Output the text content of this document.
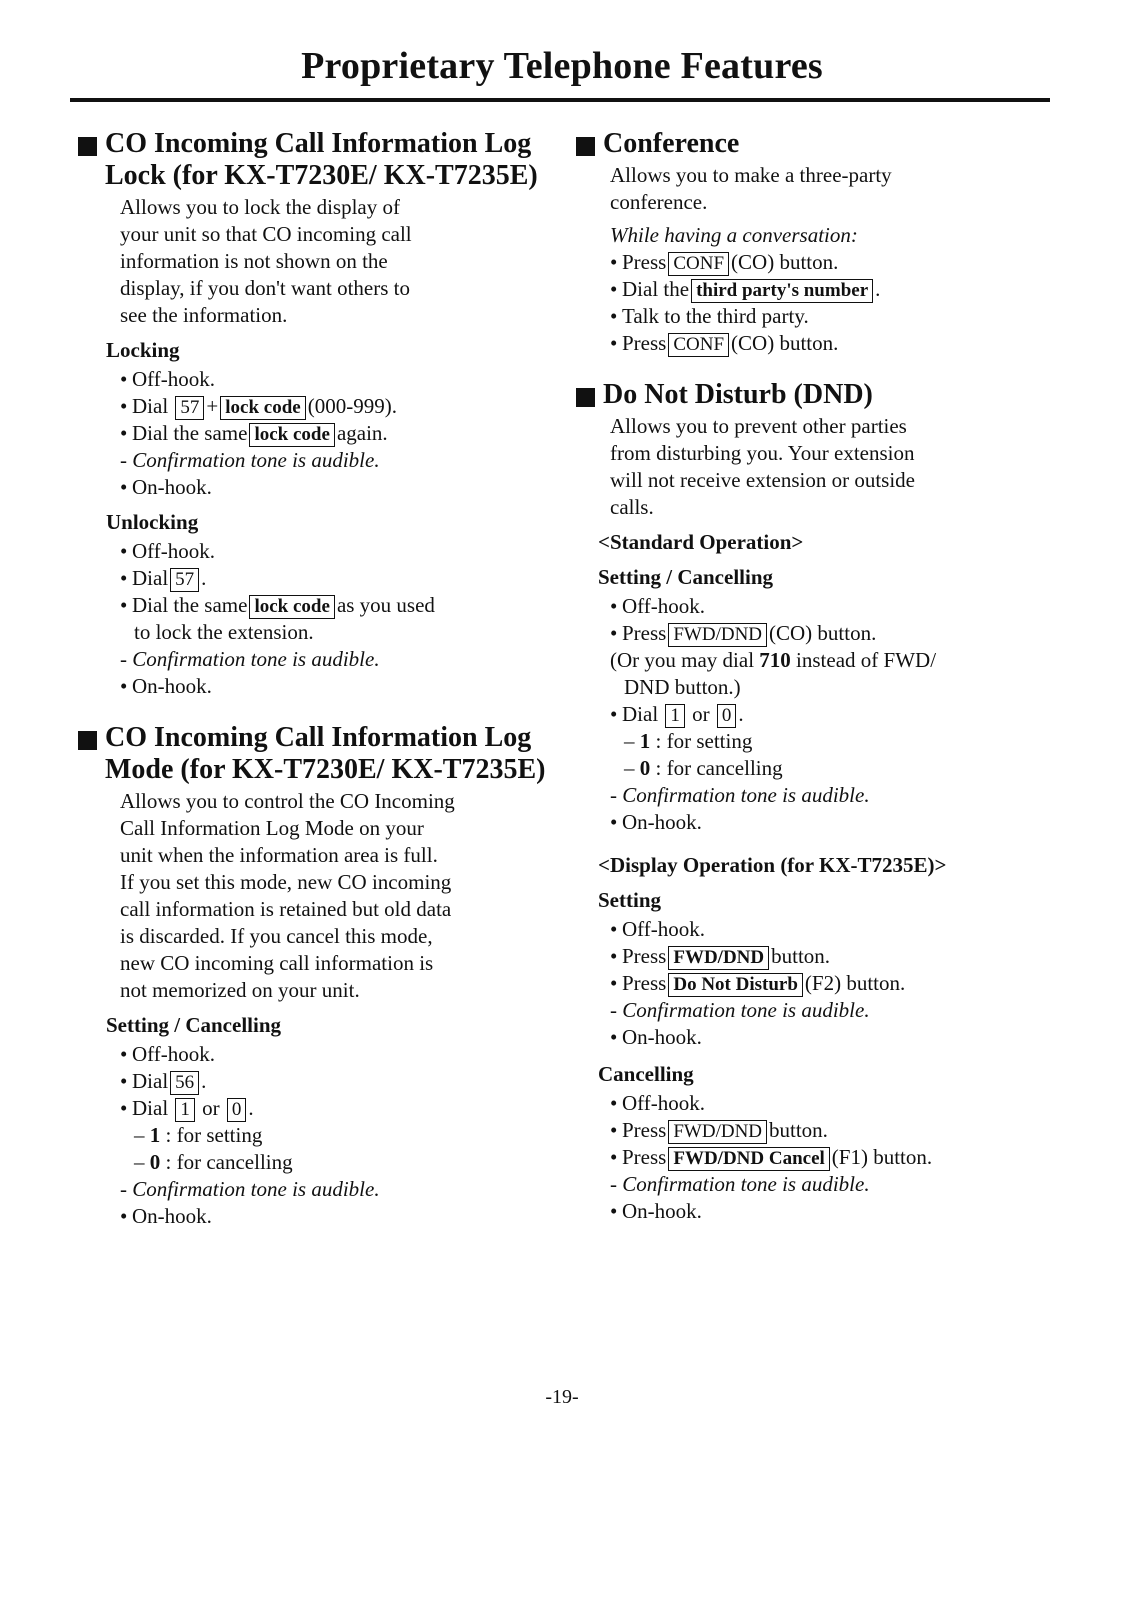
Proprietary Telephone Features
CO Incoming Call Information Log Lock (for KX-T7230E/ KX-T7235E)
Allows you to lock the display of
your unit so that CO incoming call
information is not shown on the
display, if you don't want others to
see the information.
Locking
• Off-hook.
• Dial 57 + lock code (000-999).
• Dial the same lock code again.
- Confirmation tone is audible.
• On-hook.
Unlocking
• Off-hook.
• Dial 57 .
• Dial the same lock code as you used
to lock the extension.
- Confirmation tone is audible.
• On-hook.
CO Incoming Call Information Log Mode (for KX-T7230E/ KX-T7235E)
Allows you to control the CO Incoming
Call Information Log Mode on your
unit when the information area is full.
If you set this mode, new CO incoming
call information is retained but old data
is discarded. If you cancel this mode,
new CO incoming call information is
not memorized on your unit.
Setting / Cancelling
• Off-hook.
• Dial 56 .
• Dial 1 or 0 .
– 1 : for setting
– 0 : for cancelling
- Confirmation tone is audible.
• On-hook.
Conference
Allows you to make a three-party
conference.
While having a conversation:
• Press CONF (CO) button.
• Dial the third party's number .
• Talk to the third party.
• Press CONF (CO) button.
Do Not Disturb (DND)
Allows you to prevent other parties
from disturbing you. Your extension
will not receive extension or outside
calls.
<Standard Operation>
Setting / Cancelling
• Off-hook.
• Press FWD/DND (CO) button.
(Or you may dial 710 instead of FWD/
DND button.)
• Dial 1 or 0 .
– 1 : for setting
– 0 : for cancelling
- Confirmation tone is audible.
• On-hook.
<Display Operation (for KX-T7235E)>
Setting
• Off-hook.
• Press FWD/DND button.
• Press Do Not Disturb (F2) button.
- Confirmation tone is audible.
• On-hook.
Cancelling
• Off-hook.
• Press FWD/DND button.
• Press FWD/DND Cancel (F1) button.
- Confirmation tone is audible.
• On-hook.
-19-
